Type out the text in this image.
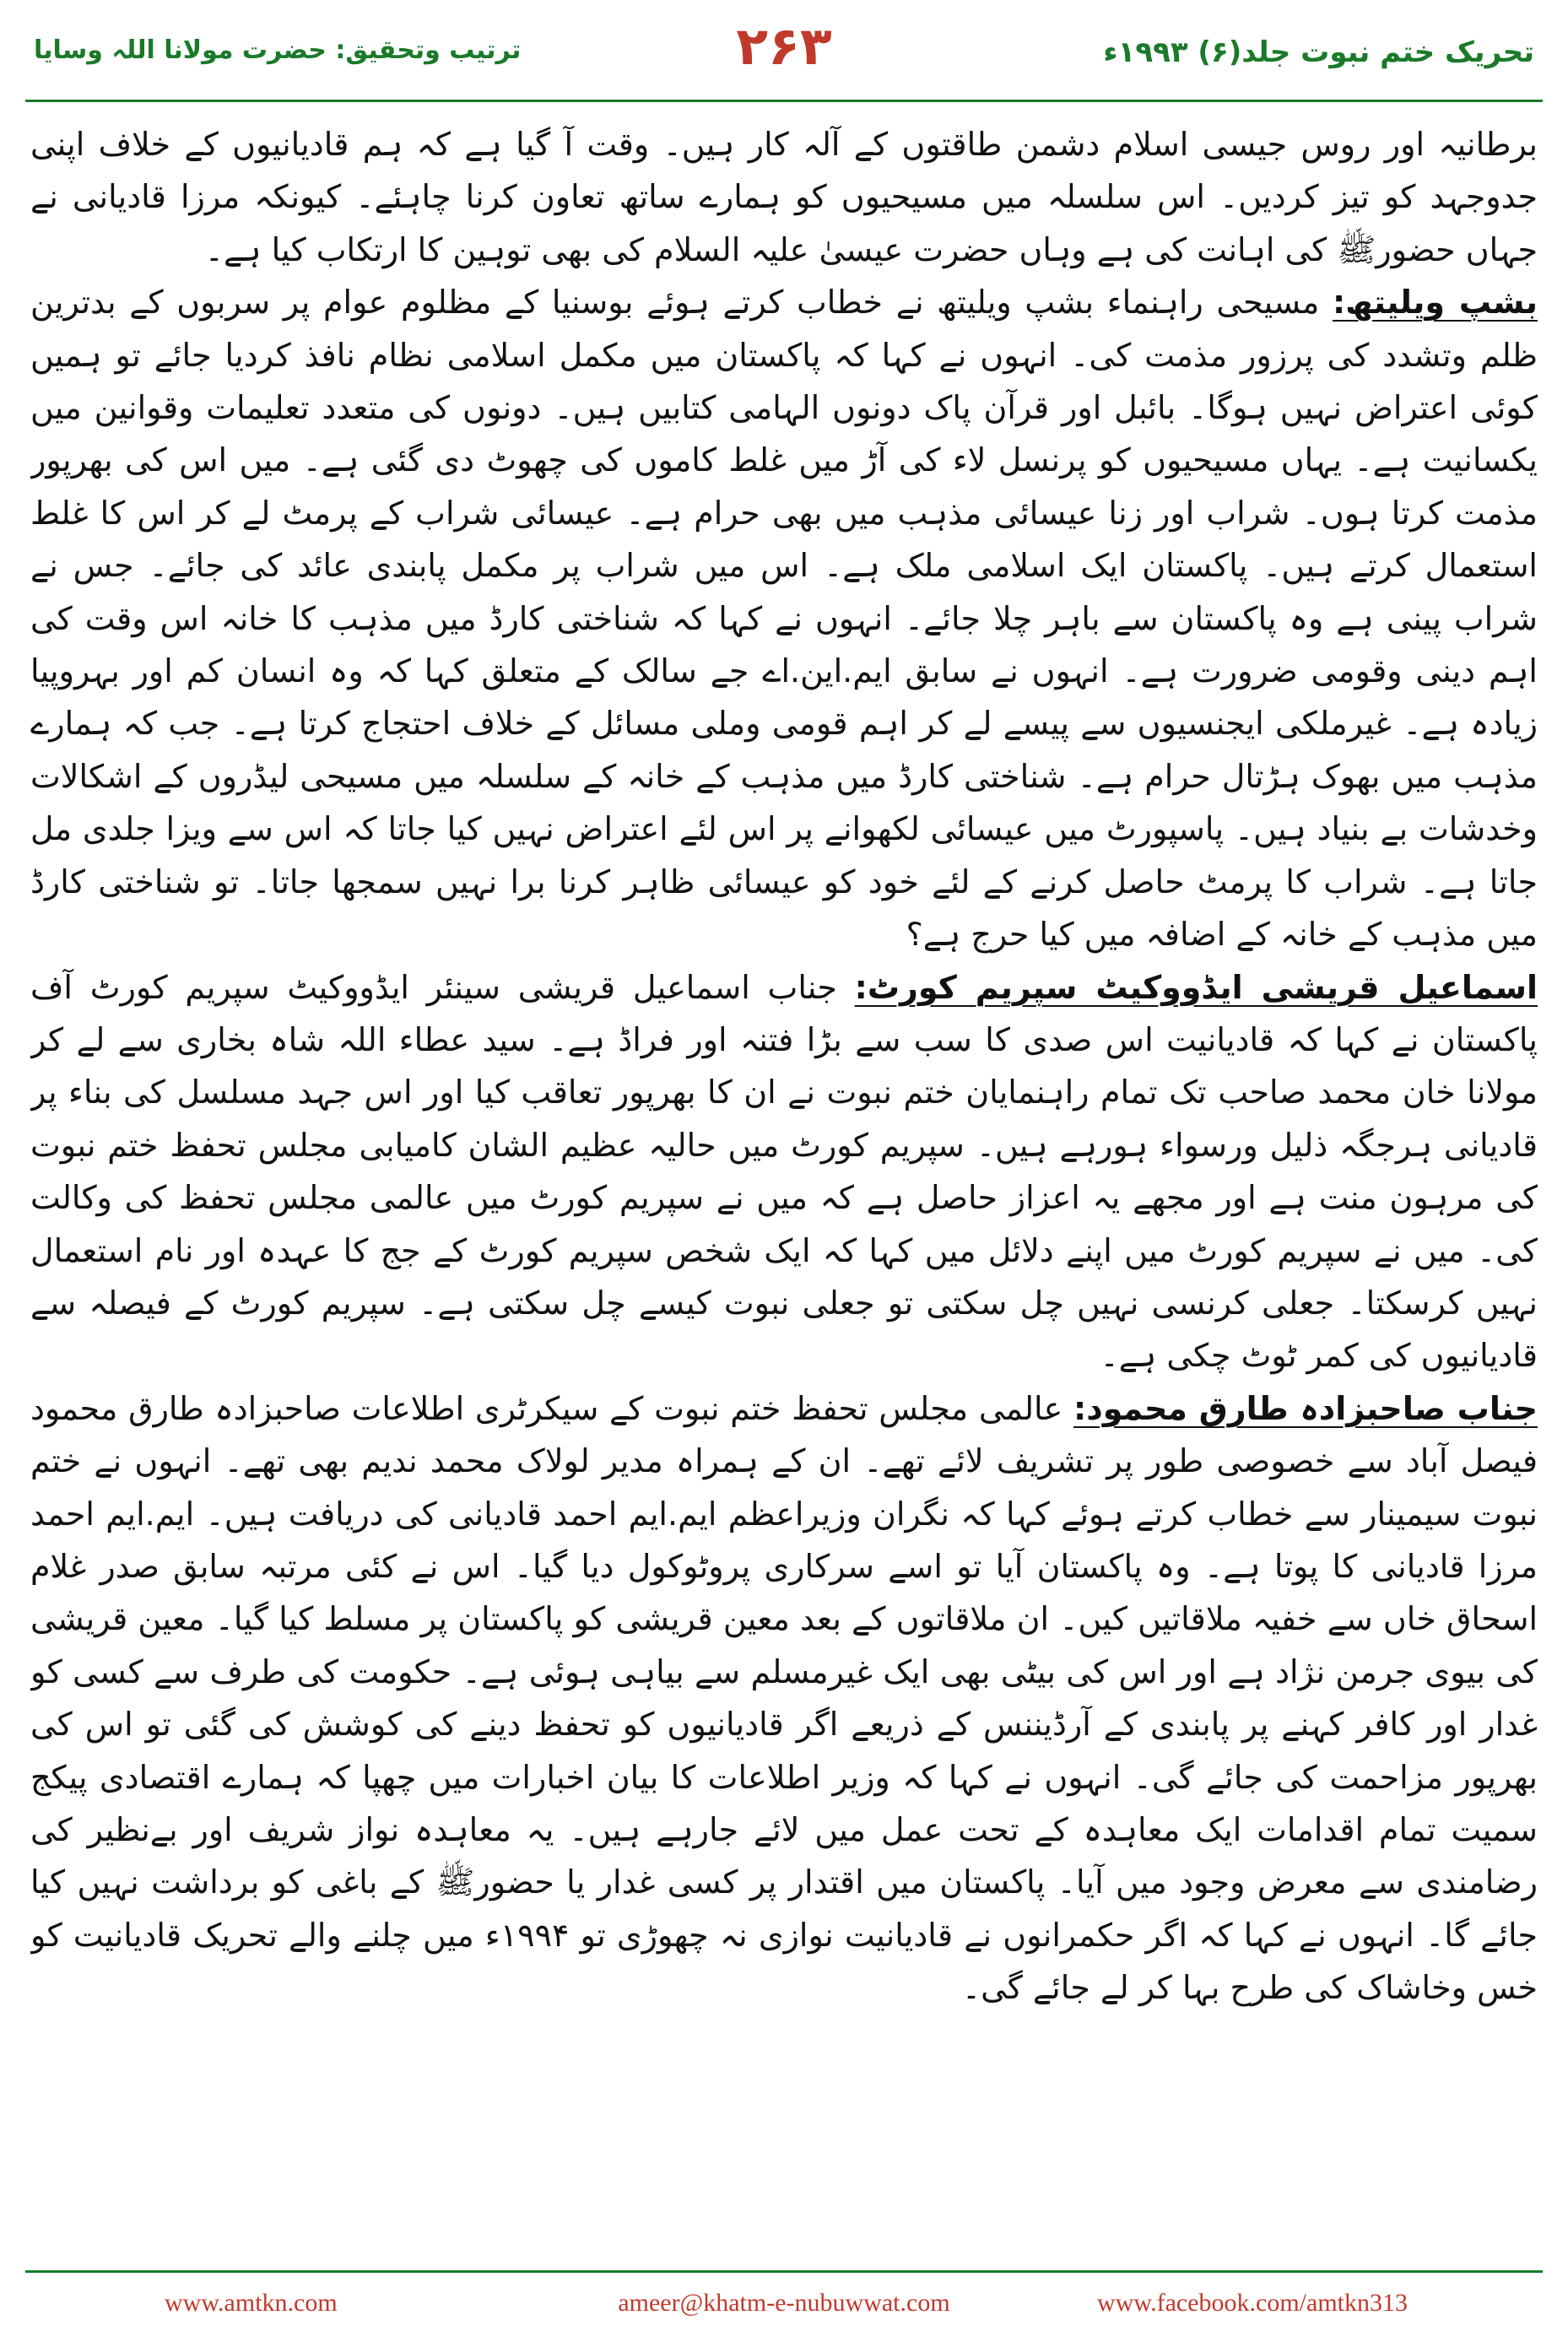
تحریک ختم نبوت جلد(۶) ۱۹۹۳ء
۲۶۳
ترتیب وتحقیق: حضرت مولانا اللہ وسایا

برطانیہ اور روس جیسی اسلام دشمن طاقتوں کے آلہ کار ہیں۔ وقت آ گیا ہے کہ ہم قادیانیوں کے خلاف اپنی جدوجہد کو تیز کردیں۔ اس سلسلہ میں مسیحیوں کو ہمارے ساتھ تعاون کرنا چاہئے۔ کیونکہ مرزا قادیانی نے جہاں حضورﷺ کی اہانت کی ہے وہاں حضرت عیسیٰ علیہ السلام کی بھی توہین کا ارتکاب کیا ہے۔

بشپ ویلیتھ: مسیحی راہنماء بشپ ویلیتھ نے خطاب کرتے ہوئے بوسنیا کے مظلوم عوام پر سربوں کے بدترین ظلم وتشدد کی پرزور مذمت کی۔ انہوں نے کہا کہ پاکستان میں مکمل اسلامی نظام نافذ کردیا جائے تو ہمیں کوئی اعتراض نہیں ہوگا۔ بائبل اور قرآن پاک دونوں الہامی کتابیں ہیں۔ دونوں کی متعدد تعلیمات وقوانین میں یکسانیت ہے۔ یہاں مسیحیوں کو پرنسل لاء کی آڑ میں غلط کاموں کی چھوٹ دی گئی ہے۔ میں اس کی بھرپور مذمت کرتا ہوں۔ شراب اور زنا عیسائی مذہب میں بھی حرام ہے۔ عیسائی شراب کے پرمٹ لے کر اس کا غلط استعمال کرتے ہیں۔ پاکستان ایک اسلامی ملک ہے۔ اس میں شراب پر مکمل پابندی عائد کی جائے۔ جس نے شراب پینی ہے وہ پاکستان سے باہر چلا جائے۔ انہوں نے کہا کہ شناختی کارڈ میں مذہب کا خانہ اس وقت کی اہم دینی وقومی ضرورت ہے۔ انہوں نے سابق ایم.این.اے جے سالک کے متعلق کہا کہ وہ انسان کم اور بہروپیا زیادہ ہے۔ غیرملکی ایجنسیوں سے پیسے لے کر اہم قومی وملی مسائل کے خلاف احتجاج کرتا ہے۔ جب کہ ہمارے مذہب میں بھوک ہڑتال حرام ہے۔ شناختی کارڈ میں مذہب کے خانہ کے سلسلہ میں مسیحی لیڈروں کے اشکالات وخدشات بے بنیاد ہیں۔ پاسپورٹ میں عیسائی لکھوانے پر اس لئے اعتراض نہیں کیا جاتا کہ اس سے ویزا جلدی مل جاتا ہے۔ شراب کا پرمٹ حاصل کرنے کے لئے خود کو عیسائی ظاہر کرنا برا نہیں سمجھا جاتا۔ تو شناختی کارڈ میں مذہب کے خانہ کے اضافہ میں کیا حرج ہے؟

اسماعیل قریشی ایڈووکیٹ سپریم کورٹ: جناب اسماعیل قریشی سینئر ایڈووکیٹ سپریم کورٹ آف پاکستان نے کہا کہ قادیانیت اس صدی کا سب سے بڑا فتنہ اور فراڈ ہے۔ سید عطاء اللہ شاہ بخاری سے لے کر مولانا خان محمد صاحب تک تمام راہنمایان ختم نبوت نے ان کا بھرپور تعاقب کیا اور اس جہد مسلسل کی بناء پر قادیانی ہرجگہ ذلیل ورسواء ہورہے ہیں۔ سپریم کورٹ میں حالیہ عظیم الشان کامیابی مجلس تحفظ ختم نبوت کی مرہون منت ہے اور مجھے یہ اعزاز حاصل ہے کہ میں نے سپریم کورٹ میں عالمی مجلس تحفظ کی وکالت کی۔ میں نے سپریم کورٹ میں اپنے دلائل میں کہا کہ ایک شخص سپریم کورٹ کے جج کا عہدہ اور نام استعمال نہیں کرسکتا۔ جعلی کرنسی نہیں چل سکتی تو جعلی نبوت کیسے چل سکتی ہے۔ سپریم کورٹ کے فیصلہ سے قادیانیوں کی کمر ٹوٹ چکی ہے۔

جناب صاحبزادہ طارق محمود: عالمی مجلس تحفظ ختم نبوت کے سیکرٹری اطلاعات صاحبزادہ طارق محمود فیصل آباد سے خصوصی طور پر تشریف لائے تھے۔ ان کے ہمراہ مدیر لولاک محمد ندیم بھی تھے۔ انہوں نے ختم نبوت سیمینار سے خطاب کرتے ہوئے کہا کہ نگران وزیراعظم ایم.ایم احمد قادیانی کی دریافت ہیں۔ ایم.ایم احمد مرزا قادیانی کا پوتا ہے۔ وہ پاکستان آیا تو اسے سرکاری پروٹوکول دیا گیا۔ اس نے کئی مرتبہ سابق صدر غلام اسحاق خاں سے خفیہ ملاقاتیں کیں۔ ان ملاقاتوں کے بعد معین قریشی کو پاکستان پر مسلط کیا گیا۔ معین قریشی کی بیوی جرمن نژاد ہے اور اس کی بیٹی بھی ایک غیرمسلم سے بیاہی ہوئی ہے۔ حکومت کی طرف سے کسی کو غدار اور کافر کہنے پر پابندی کے آرڈیننس کے ذریعے اگر قادیانیوں کو تحفظ دینے کی کوشش کی گئی تو اس کی بھرپور مزاحمت کی جائے گی۔ انہوں نے کہا کہ وزیر اطلاعات کا بیان اخبارات میں چھپا کہ ہمارے اقتصادی پیکج سمیت تمام اقدامات ایک معاہدہ کے تحت عمل میں لائے جارہے ہیں۔ یہ معاہدہ نواز شریف اور بےنظیر کی رضامندی سے معرض وجود میں آیا۔ پاکستان میں اقتدار پر کسی غدار یا حضورﷺ کے باغی کو برداشت نہیں کیا جائے گا۔ انہوں نے کہا کہ اگر حکمرانوں نے قادیانیت نوازی نہ چھوڑی تو ۱۹۹۴ء میں چلنے والے تحریک قادیانیت کو خس وخاشاک کی طرح بہا کر لے جائے گی۔

www.amtkn.com	ameer@khatm-e-nubuwwat.com	www.facebook.com/amtkn313
